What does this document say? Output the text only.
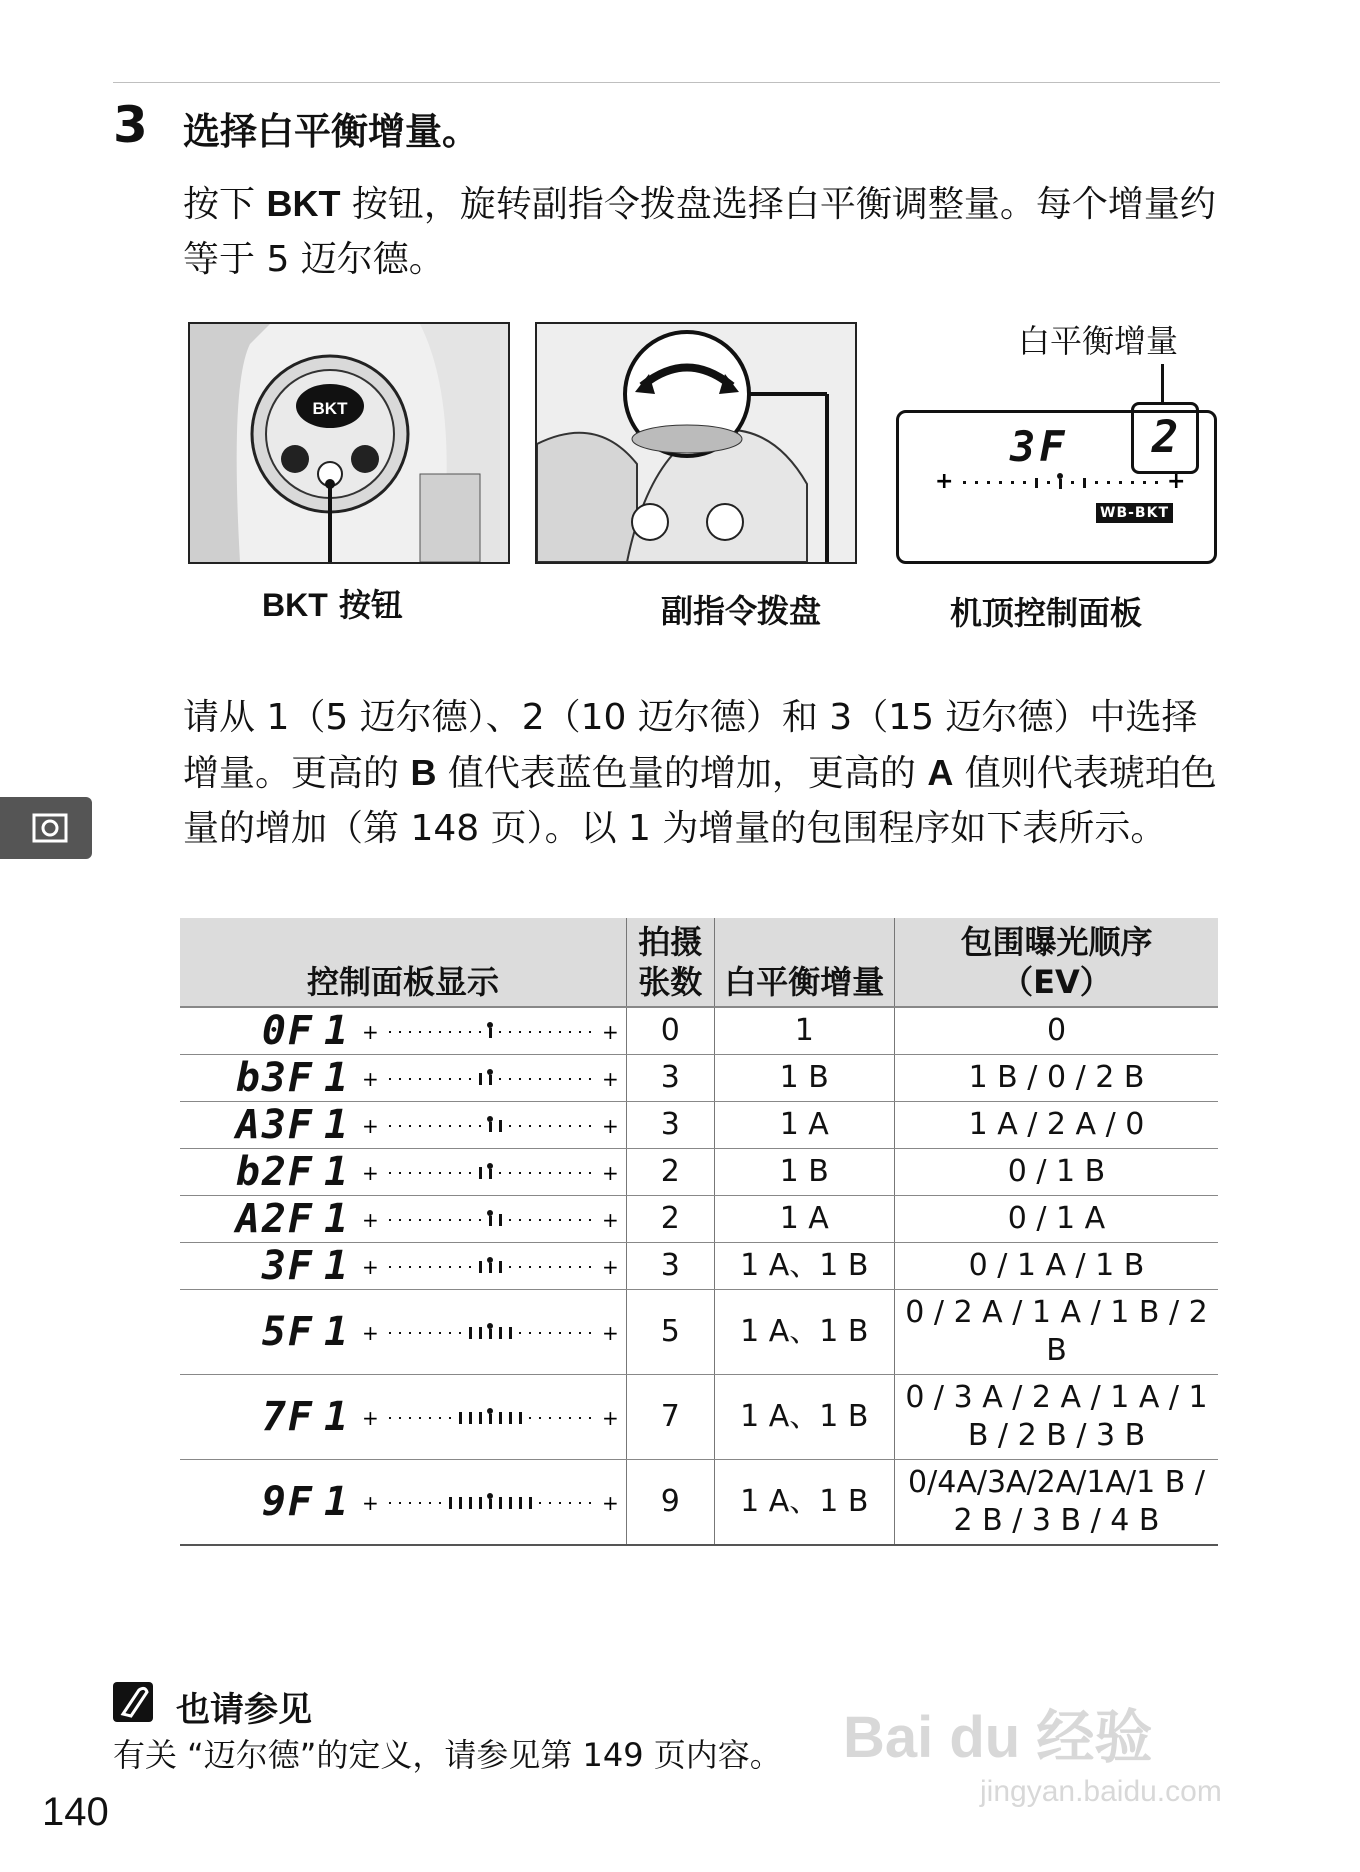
3 选择白平衡增量。
按下 BKT 按钮，旋转副指令拨盘选择白平衡调整量。每个增量约等于 5 迈尔德。
BKT
白平衡增量
3F	2
+	+
WB-BKT
BKT 按钮	副指令拨盘	机顶控制面板
请从 1（5 迈尔德）、2（10 迈尔德）和 3（15 迈尔德）中选择增量。更高的 B 值代表蓝色量的增加，更高的 A 值则代表琥珀色量的增加（第 148 页）。以 1 为增量的包围程序如下表所示。
控制面板显示	拍摄
张数	白平衡增量	包围曝光顺序
（EV）

0F 1 + +	0	1	0

b3F 1 + +	3	1 B	1 B / 0 / 2 B

A3F 1 + +	3	1 A	1 A / 2 A / 0

b2F 1 + +	2	1 B	0 / 1 B

A2F 1 + +	2	1 A	0 / 1 A

3F 1 + +	3	1 A、1 B	0 / 1 A / 1 B

5F 1 + +	5	1 A、1 B	0 / 2 A / 1 A / 1 B / 2 B

7F 1 + +	7	1 A、1 B	0 / 3 A / 2 A / 1 A / 1 B / 2 B / 3 B

9F 1 + +	9	1 A、1 B	0/4A/3A/2A/1A/1 B / 2 B / 3 B / 4 B
也请参见
有关 “迈尔德”的定义，请参见第 149 页内容。
140
Bai du 经验
jingyan.baidu.com
